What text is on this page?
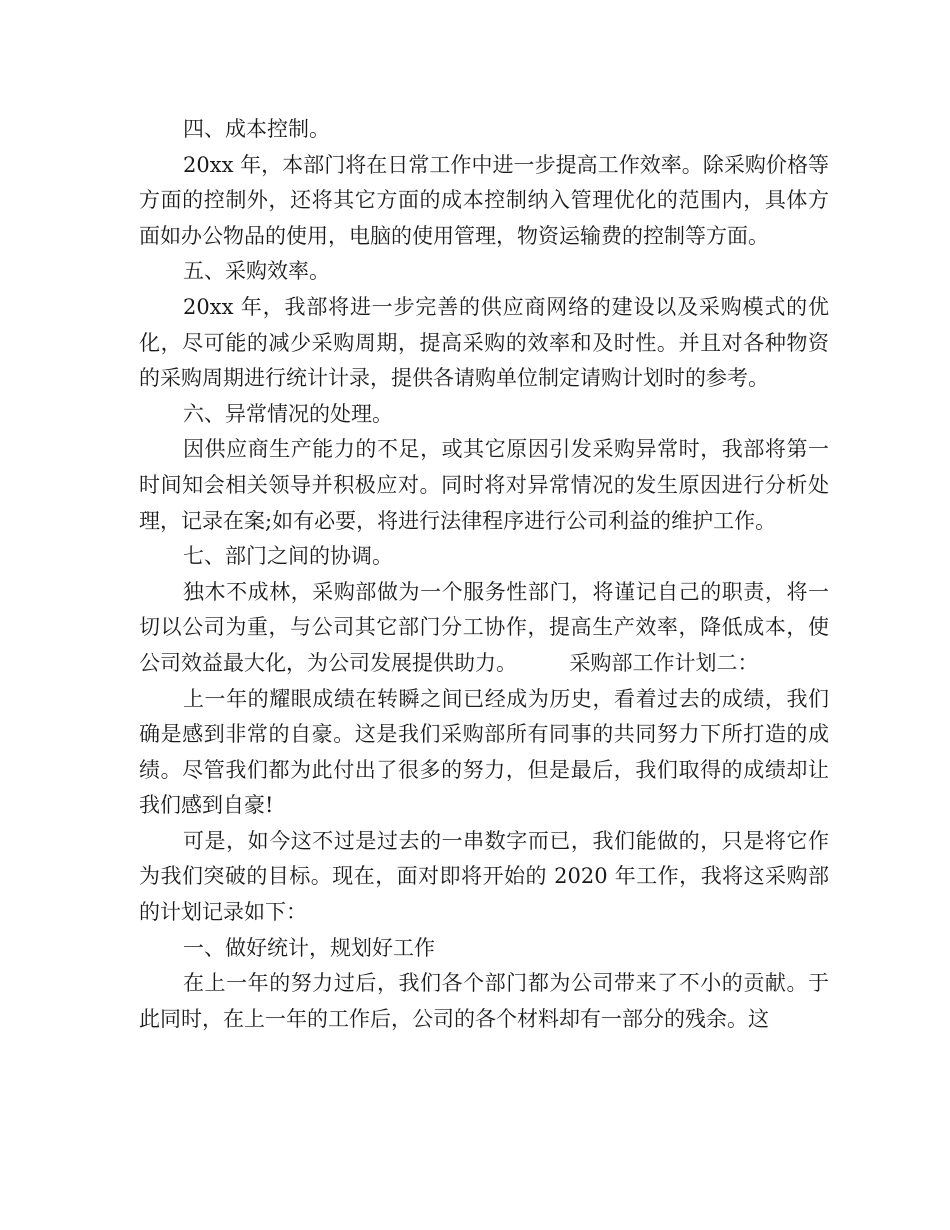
四、成本控制。

20xx 年，本部门将在日常工作中进一步提高工作效率。除采购价格等方面的控制外，还将其它方面的成本控制纳入管理优化的范围内，具体方面如办公物品的使用，电脑的使用管理，物资运输费的控制等方面。

五、采购效率。

20xx 年，我部将进一步完善的供应商网络的建设以及采购模式的优化，尽可能的减少采购周期，提高采购的效率和及时性。并且对各种物资的采购周期进行统计计录，提供各请购单位制定请购计划时的参考。

六、异常情况的处理。

因供应商生产能力的不足，或其它原因引发采购异常时，我部将第一时间知会相关领导并积极应对。同时将对异常情况的发生原因进行分析处理，记录在案;如有必要，将进行法律程序进行公司利益的维护工作。

七、部门之间的协调。

独木不成林，采购部做为一个服务性部门，将谨记自己的职责，将一切以公司为重，与公司其它部门分工协作，提高生产效率，降低成本，使公司效益最大化，为公司发展提供助力。　　　采购部工作计划二：

上一年的耀眼成绩在转瞬之间已经成为历史，看着过去的成绩，我们确是感到非常的自豪。这是我们采购部所有同事的共同努力下所打造的成绩。尽管我们都为此付出了很多的努力，但是最后，我们取得的成绩却让我们感到自豪!

可是，如今这不过是过去的一串数字而已，我们能做的，只是将它作为我们突破的目标。现在，面对即将开始的 2020 年工作，我将这采购部的计划记录如下：

一、做好统计，规划好工作

在上一年的努力过后，我们各个部门都为公司带来了不小的贡献。于此同时，在上一年的工作后，公司的各个材料却有一部分的残余。这
